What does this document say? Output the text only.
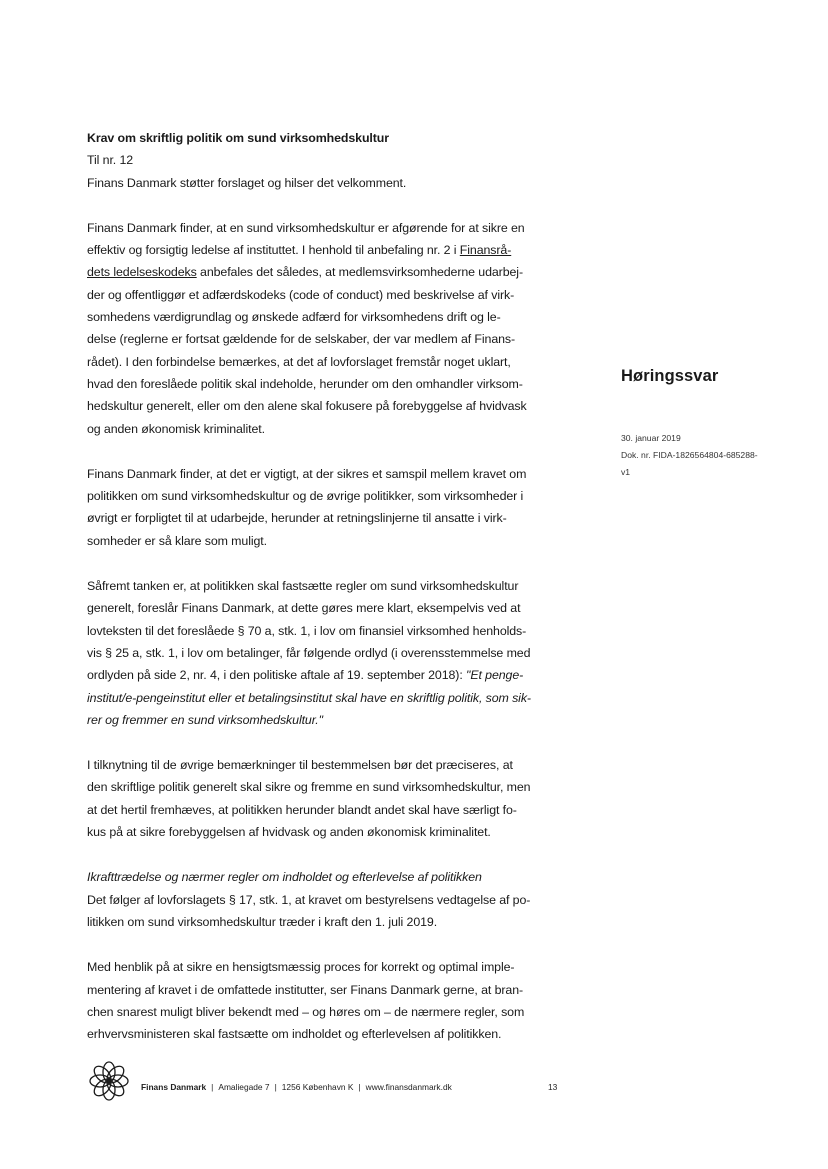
Krav om skriftlig politik om sund virksomhedskultur

Til nr. 12

Finans Danmark støtter forslaget og hilser det velkomment.

Finans Danmark finder, at en sund virksomhedskultur er afgørende for at sikre en

effektiv og forsigtig ledelse af instituttet. I henhold til anbefaling nr. 2 i Finansrå-

dets ledelseskodeks anbefales det således, at medlemsvirksomhederne udarbej-

der og offentliggør et adfærdskodeks (code of conduct) med beskrivelse af virk-

somhedens værdigrundlag og ønskede adfærd for virksomhedens drift og le-

delse (reglerne er fortsat gældende for de selskaber, der var medlem af Finans-

rådet). I den forbindelse bemærkes, at det af lovforslaget fremstår noget uklart,

hvad den foreslåede politik skal indeholde, herunder om den omhandler virksom-

hedskultur generelt, eller om den alene skal fokusere på forebyggelse af hvidvask

og anden økonomisk kriminalitet.

Finans Danmark finder, at det er vigtigt, at der sikres et samspil mellem kravet om

politikken om sund virksomhedskultur og de øvrige politikker, som virksomheder i

øvrigt er forpligtet til at udarbejde, herunder at retningslinjerne til ansatte i virk-

somheder er så klare som muligt.

Såfremt tanken er, at politikken skal fastsætte regler om sund virksomhedskultur

generelt, foreslår Finans Danmark, at dette gøres mere klart, eksempelvis ved at

lovteksten til det foreslåede § 70 a, stk. 1, i lov om finansiel virksomhed henholds-

vis § 25 a, stk. 1, i lov om betalinger, får følgende ordlyd (i overensstemmelse med

ordlyden på side 2, nr. 4, i den politiske aftale af 19. september 2018): "Et penge-

institut/e-pengeinstitut eller et betalingsinstitut skal have en skriftlig politik, som sik-

rer og fremmer en sund virksomhedskultur."

I tilknytning til de øvrige bemærkninger til bestemmelsen bør det præciseres, at

den skriftlige politik generelt skal sikre og fremme en sund virksomhedskultur, men

at det hertil fremhæves, at politikken herunder blandt andet skal have særligt fo-

kus på at sikre forebyggelsen af hvidvask og anden økonomisk kriminalitet.

Ikrafttrædelse og nærmer regler om indholdet og efterlevelse af politikken

Det følger af lovforslagets § 17, stk. 1, at kravet om bestyrelsens vedtagelse af po-

litikken om sund virksomhedskultur træder i kraft den 1. juli 2019.

Med henblik på at sikre en hensigtsmæssig proces for korrekt og optimal imple-

mentering af kravet i de omfattede institutter, ser Finans Danmark gerne, at bran-

chen snarest muligt bliver bekendt med – og høres om – de nærmere regler, som

erhvervsministeren skal fastsætte om indholdet og efterlevelsen af politikken.

Høringssvar

30. januar 2019
Dok. nr. FIDA-1826564804-685288-
v1
Finans Danmark | Amaliegade 7 | 1256 København K | www.finansdanmark.dk	13
